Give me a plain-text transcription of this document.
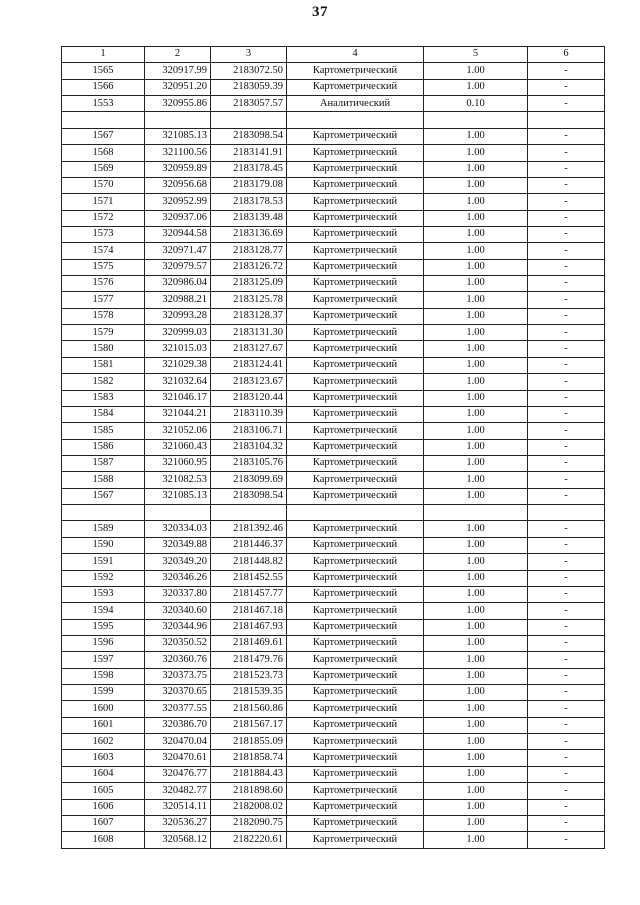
37
1	2	3	4	5	6
1565	320917.99	2183072.50	Картометрический	1.00	-
1566	320951.20	2183059.39	Картометрический	1.00	-
1553	320955.86	2183057.57	Аналитический	0.10	-

1567	321085.13	2183098.54	Картометрический	1.00	-
1568	321100.56	2183141.91	Картометрический	1.00	-
1569	320959.89	2183178.45	Картометрический	1.00	-
1570	320956.68	2183179.08	Картометрический	1.00	-
1571	320952.99	2183178.53	Картометрический	1.00	-
1572	320937.06	2183139.48	Картометрический	1.00	-
1573	320944.58	2183136.69	Картометрический	1.00	-
1574	320971.47	2183128.77	Картометрический	1.00	-
1575	320979.57	2183126.72	Картометрический	1.00	-
1576	320986.04	2183125.09	Картометрический	1.00	-
1577	320988.21	2183125.78	Картометрический	1.00	-
1578	320993.28	2183128.37	Картометрический	1.00	-
1579	320999.03	2183131.30	Картометрический	1.00	-
1580	321015.03	2183127.67	Картометрический	1.00	-
1581	321029.38	2183124.41	Картометрический	1.00	-
1582	321032.64	2183123.67	Картометрический	1.00	-
1583	321046.17	2183120.44	Картометрический	1.00	-
1584	321044.21	2183110.39	Картометрический	1.00	-
1585	321052.06	2183106.71	Картометрический	1.00	-
1586	321060.43	2183104.32	Картометрический	1.00	-
1587	321060.95	2183105.76	Картометрический	1.00	-
1588	321082.53	2183099.69	Картометрический	1.00	-
1567	321085.13	2183098.54	Картометрический	1.00	-

1589	320334.03	2181392.46	Картометрический	1.00	-
1590	320349.88	2181446.37	Картометрический	1.00	-
1591	320349.20	2181448.82	Картометрический	1.00	-
1592	320346.26	2181452.55	Картометрический	1.00	-
1593	320337.80	2181457.77	Картометрический	1.00	-
1594	320340.60	2181467.18	Картометрический	1.00	-
1595	320344.96	2181467.93	Картометрический	1.00	-
1596	320350.52	2181469.61	Картометрический	1.00	-
1597	320360.76	2181479.76	Картометрический	1.00	-
1598	320373.75	2181523.73	Картометрический	1.00	-
1599	320370.65	2181539.35	Картометрический	1.00	-
1600	320377.55	2181560.86	Картометрический	1.00	-
1601	320386.70	2181567.17	Картометрический	1.00	-
1602	320470.04	2181855.09	Картометрический	1.00	-
1603	320470.61	2181858.74	Картометрический	1.00	-
1604	320476.77	2181884.43	Картометрический	1.00	-
1605	320482.77	2181898.60	Картометрический	1.00	-
1606	320514.11	2182008.02	Картометрический	1.00	-
1607	320536.27	2182090.75	Картометрический	1.00	-
1608	320568.12	2182220.61	Картометрический	1.00	-
